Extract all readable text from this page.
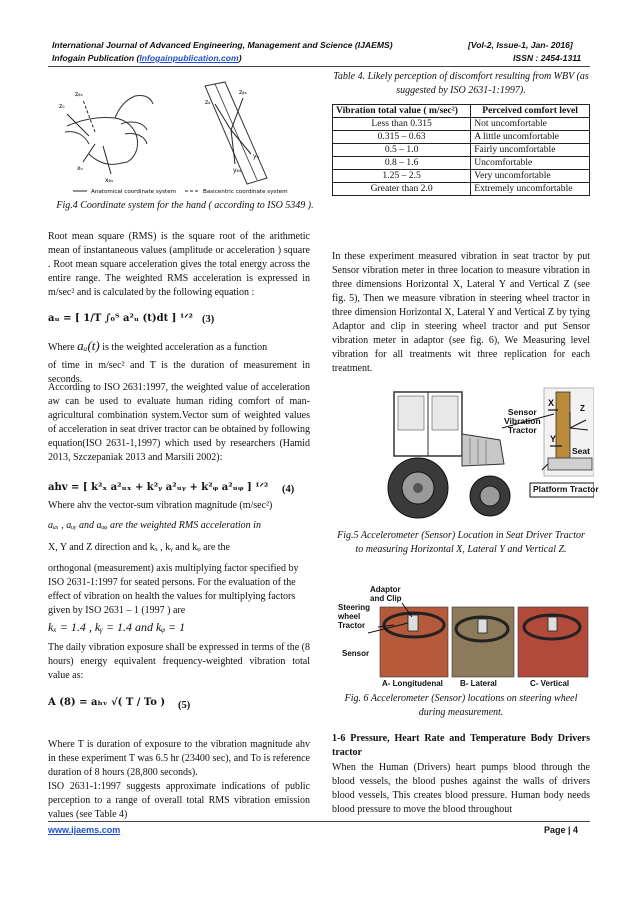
International Journal of Advanced Engineering, Management and Science (IJAEMS)	[Vol-2, Issue-1, Jan- 2016]
Infogain Publication (Infogainpublication.com)	ISSN : 2454-1311
z₀
zᵦₛ
xₕ
xᵦₛ
zₐ
zᵦₛ
yₕ
yᵦₛ
Anatomical coordinate system	Basicentric coordinate system
Fig.4 Coordinate system for the hand ( according to ISO 5349 ).
Root mean square (RMS) is the square root of the arithmetic mean of instantaneous values (amplitude or acceleration ) square . Root mean square acceleration gives the total energy across the entire range. The weighted RMS acceleration is expressed in m/sec² and is calculated by the following equation :
aᵤ = [ 1/T ∫₀ᵀ a²ᵤ (t)dt ] ¹ᐟ² (3)
Where aᵤ(t) is the weighted acceleration as a function
of time in m/sec² and T is the duration of measurement in seconds.
According to ISO 2631:1997, the weighted value of acceleration aw can be used to evaluate human riding comfort of man- agricultural combination system.Vector sum of weighted values of acceleration in seat driver tractor can be obtained by following equation(ISO 2631-1,1997) which used by researchers (Hamid 2013, Szczepaniak 2013 and Marsili 2002):
ahv = [ k²ₓ a²ᵤₓ + k²ᵧ a²ᵤᵧ + k²ᵩ a²ᵤᵩ ] ¹ᐟ² (4)
Where ahv the vector-sum vibration magnitude (m/sec²)
aᵤₓ , aᵤᵧ and aᵤᵩ are the weighted RMS acceleration in
X, Y and Z direction and kₓ , kᵧ and kᵩ are the
orthogonal (measurement) axis multiplying factor specified by ISO 2631-1:1997 for seated persons. For the evaluation of the effect of vibration on health the values for multiplying factors given by ISO 2631 – 1 (1997 ) are
kₓ = 1.4 , kᵧ = 1.4 and kᵩ = 1
The daily vibration exposure shall be expressed in terms of the (8 hours) energy equivalent frequency-weighted vibration total value as:
A (8) = aₕᵥ √( T / To ) (5)
Where T is duration of exposure to the vibration magnitude ahv in these experiment T was 6.5 hr (23400 sec), and To is reference duration of 8 hours (28,800 seconds).
ISO 2631-1:1997 suggests approximate indications of public perception to a range of overall total RMS vibration emission values (see Table 4)
Table 4. Likely perception of discomfort resulting from WBV (as suggested by ISO 2631-1:1997).
Vibration total value ( m/sec²)	Perceived comfort level
Less than 0.315	Not uncomfortable
0.315 – 0.63	A little uncomfortable
0.5 – 1.0	Fairly uncomfortable
0.8 – 1.6	Uncomfortable
1.25 – 2.5	Very uncomfortable
Greater than 2.0	Extremely uncomfortable
In these experiment measured vibration in seat tractor by put Sensor vibration meter in three location to measure vibration in three dimensions Horizontal X, Lateral Y and Vertical Z (see fig. 5), Then we measure vibration in steering wheel tractor in three dimension Horizontal X, Lateral Y and Vertical Z by tying Adaptor and clip in steering wheel tractor and put Sensor vibration meter in adaptor (see fig. 6), We Measuring level vibration for all treatments wit three replication for each treatment.
Sensor
Vibration
Tractor
X
Y
Z
Seat
Platform Tractor
Fig.5 Accelerometer (Sensor) Location in Seat Driver Tractor to measuring Horizontal X, Lateral Y and Vertical Z.
Adaptor and Clip
Steering wheel Tractor
Sensor
A- Longitudenal B- Lateral	C- Vertical
Fig. 6 Accelerometer (Sensor) locations on steering wheel during measurement.
1-6 Pressure, Heart Rate and Temperature Body Drivers tractor
When the Human (Drivers) heart pumps blood through the blood vessels, the blood pushes against the walls of drivers blood vessels, This creates blood pressure. Human body needs blood pressure to move the blood throughout
www.ijaems.com	Page | 4
